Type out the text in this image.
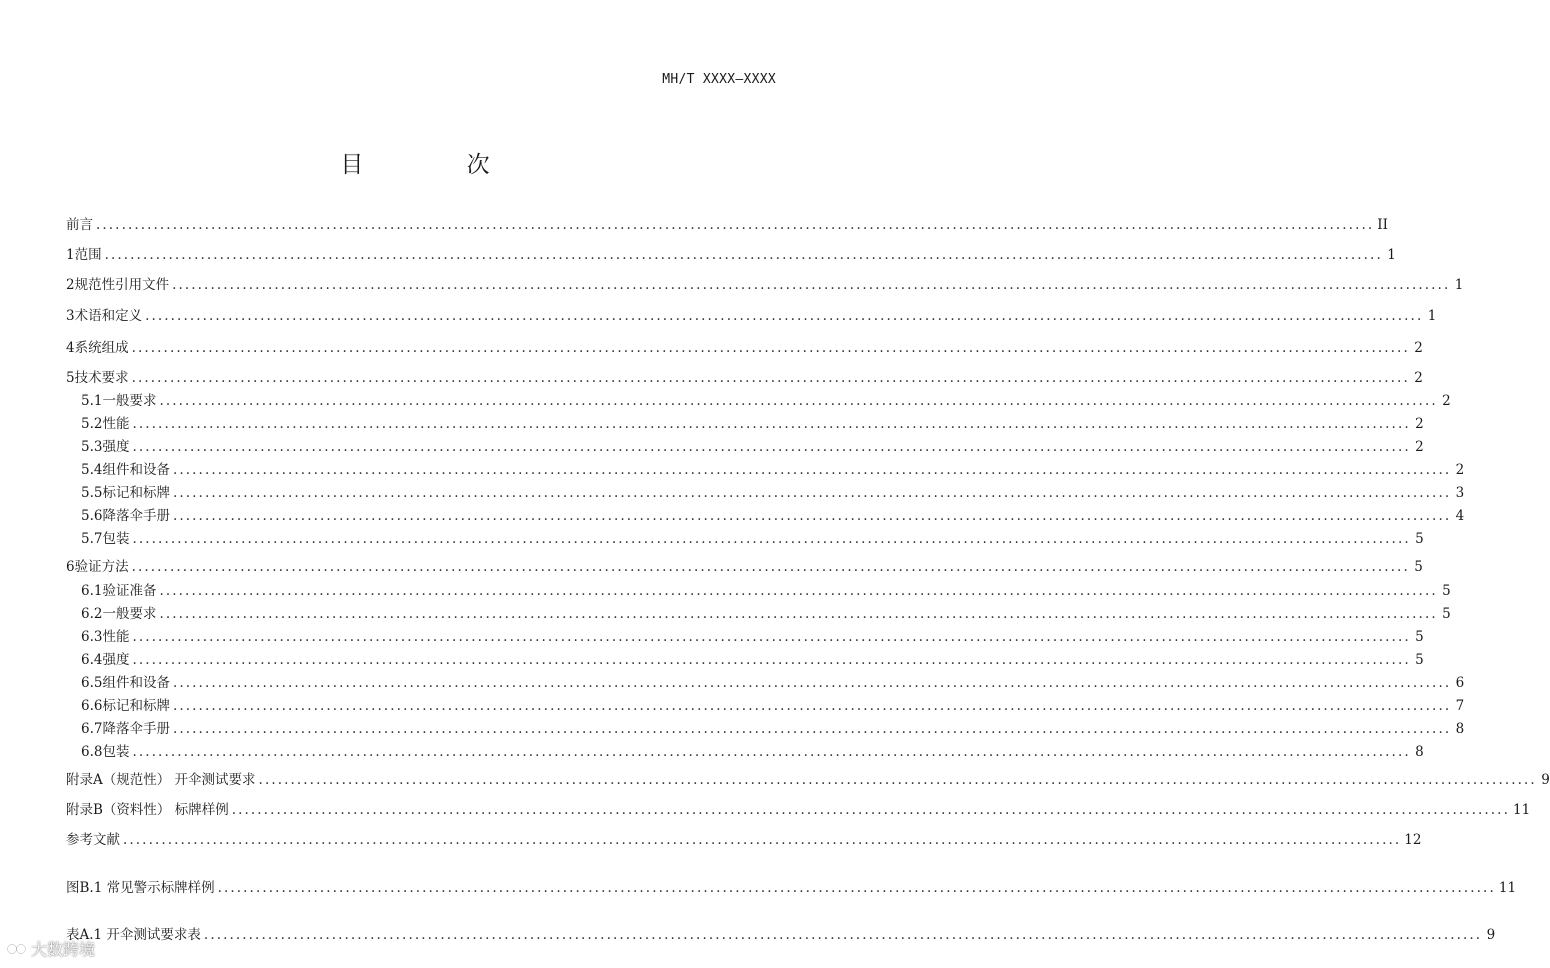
MH/T XXXX—XXXX
目 次
前言 ........................................................................................................................................................................................................ II
1 范围 ........................................................................................................................................................................................................ 1
2 规范性引用文件 ........................................................................................................................................................................................................ 1
3 术语和定义 ........................................................................................................................................................................................................ 1
4 系统组成 ........................................................................................................................................................................................................ 2
5 技术要求 ........................................................................................................................................................................................................ 2
5.1 一般要求 ........................................................................................................................................................................................................ 2
5.2 性能 ........................................................................................................................................................................................................ 2
5.3 强度 ........................................................................................................................................................................................................ 2
5.4 组件和设备 ........................................................................................................................................................................................................ 2
5.5 标记和标牌 ........................................................................................................................................................................................................ 3
5.6 降落伞手册 ........................................................................................................................................................................................................ 4
5.7 包装 ........................................................................................................................................................................................................ 5
6 验证方法 ........................................................................................................................................................................................................ 5
6.1 验证准备 ........................................................................................................................................................................................................ 5
6.2 一般要求 ........................................................................................................................................................................................................ 5
6.3 性能 ........................................................................................................................................................................................................ 5
6.4 强度 ........................................................................................................................................................................................................ 5
6.5 组件和设备 ........................................................................................................................................................................................................ 6
6.6 标记和标牌 ........................................................................................................................................................................................................ 7
6.7 降落伞手册 ........................................................................................................................................................................................................ 8
6.8 包装 ........................................................................................................................................................................................................ 8
附录A（规范性） 开伞测试要求 ........................................................................................................................................................................................................ 9
附录B（资料性） 标牌样例 ........................................................................................................................................................................................................ 11
参考文献 ........................................................................................................................................................................................................ 12
图B.1 常见警示标牌样例 ........................................................................................................................................................................................................ 11
表A.1 开伞测试要求表 ........................................................................................................................................................................................................ 9
大数跨境
